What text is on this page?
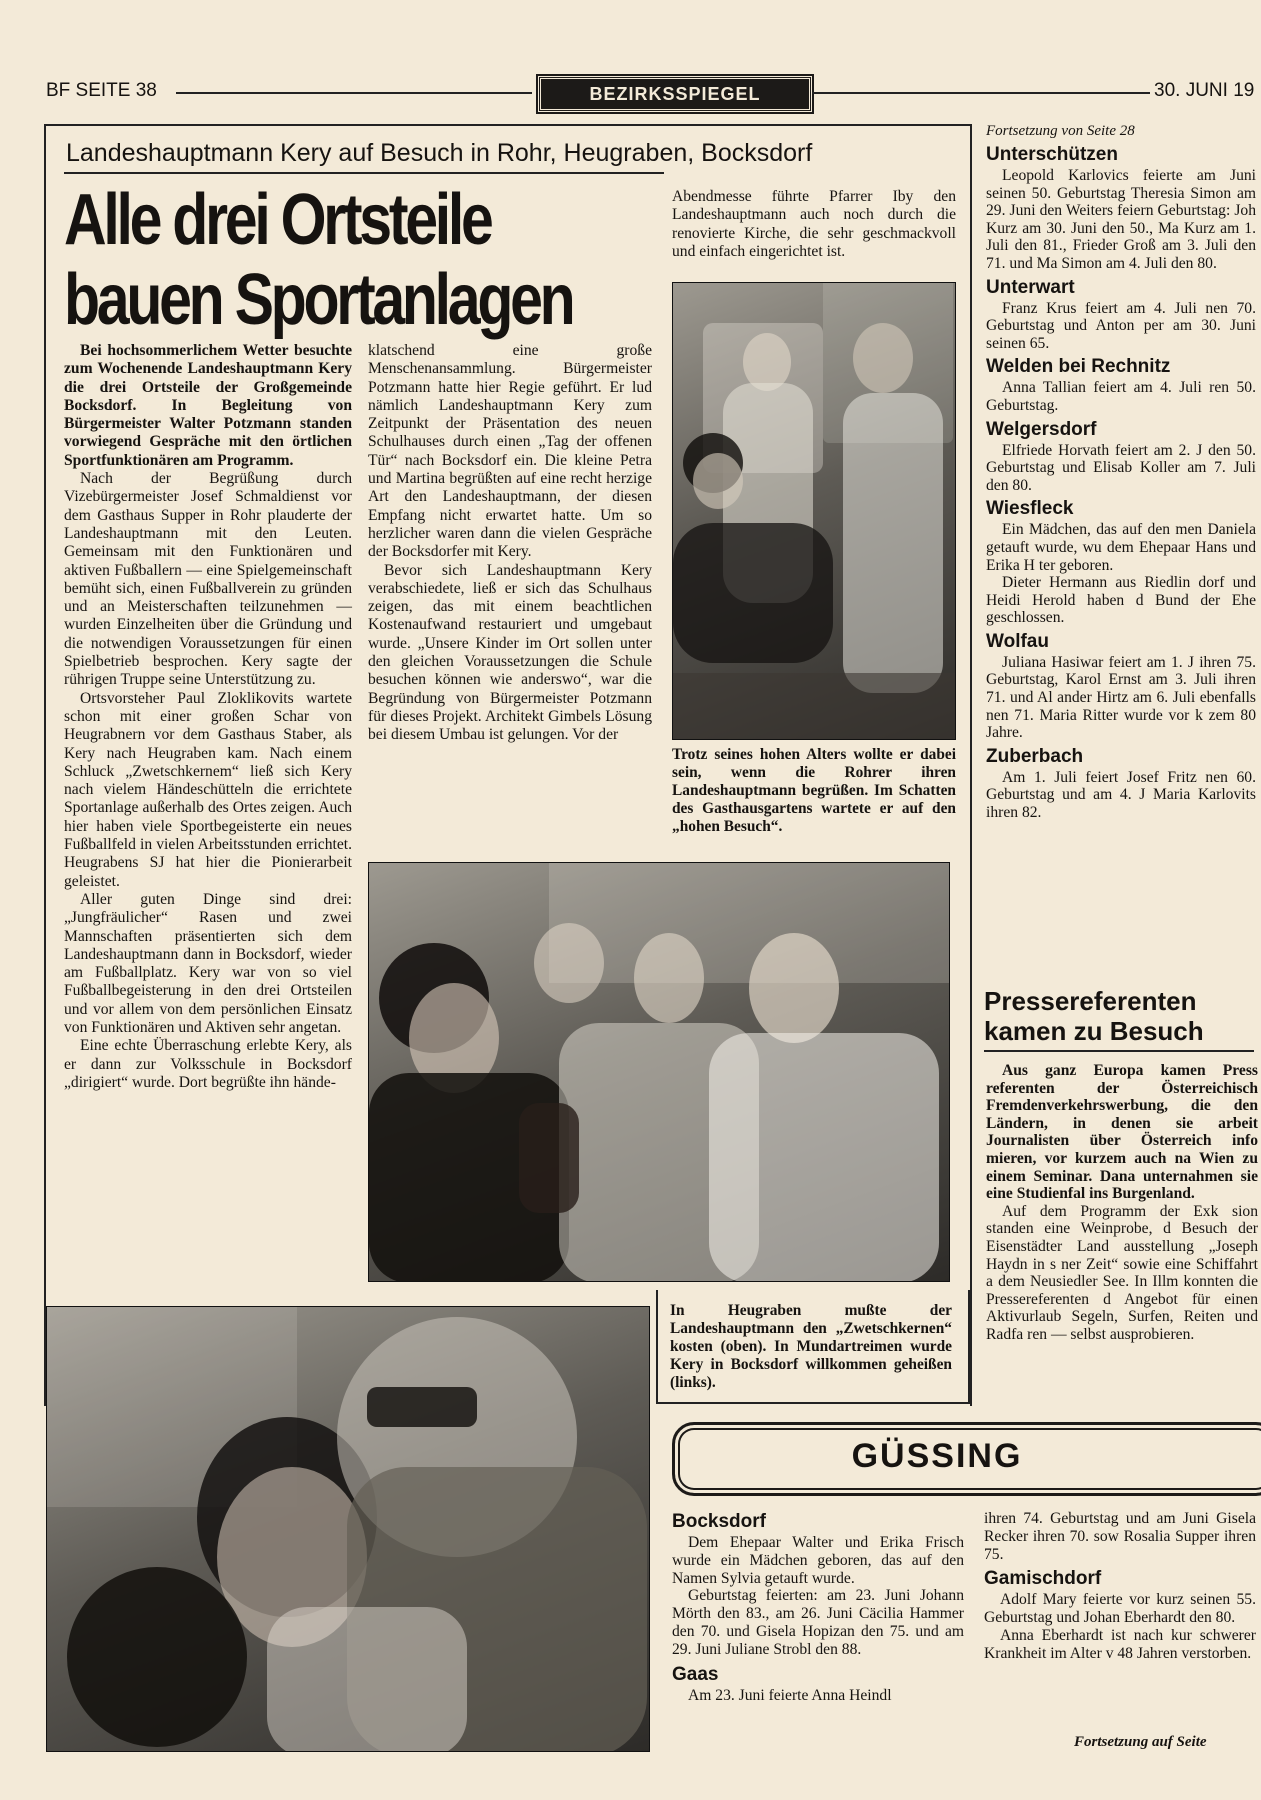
BF SEITE 38	BEZIRKSSPIEGEL	30. JUNI 19
Landeshauptmann Kery auf Besuch in Rohr, Heugraben, Bocksdorf
Alle drei Ortsteile
bauen Sportanlagen

Bei hochsommerlichem Wetter besuchte zum Wochenende Landeshauptmann Kery die drei Ortsteile der Großgemeinde Bocksdorf. In Begleitung von Bürgermeister Walter Potzmann standen vorwiegend Gespräche mit den örtlichen Sportfunktionären am Programm.

Nach der Begrüßung durch Vizebürgermeister Josef Schmaldienst vor dem Gasthaus Supper in Rohr plauderte der Landeshauptmann mit den Leuten. Gemeinsam mit den Funktionären und aktiven Fußballern — eine Spielgemeinschaft bemüht sich, einen Fußballverein zu gründen und an Meisterschaften teilzunehmen — wurden Einzelheiten über die Gründung und die notwendigen Voraussetzungen für einen Spielbetrieb besprochen. Kery sagte der rührigen Truppe seine Unterstützung zu.

Ortsvorsteher Paul Zloklikovits wartete schon mit einer großen Schar von Heugrabnern vor dem Gasthaus Staber, als Kery nach Heugraben kam. Nach einem Schluck „Zwetschkernem“ ließ sich Kery nach vielem Händeschütteln die errichtete Sportanlage außerhalb des Ortes zeigen. Auch hier haben viele Sportbegeisterte ein neues Fußballfeld in vielen Arbeitsstunden errichtet. Heugrabens SJ hat hier die Pionierarbeit geleistet.

Aller guten Dinge sind drei: „Jungfräulicher“ Rasen und zwei Mannschaften präsentierten sich dem Landeshauptmann dann in Bocksdorf, wieder am Fußballplatz. Kery war von so viel Fußballbegeisterung in den drei Ortsteilen und vor allem von dem persönlichen Einsatz von Funktionären und Aktiven sehr angetan.

Eine echte Überraschung erlebte Kery, als er dann zur Volksschule in Bocksdorf „dirigiert“ wurde. Dort begrüßte ihn hände-

klatschend eine große Menschenansammlung. Bürgermeister Potzmann hatte hier Regie geführt. Er lud nämlich Landeshauptmann Kery zum Zeitpunkt der Präsentation des neuen Schulhauses durch einen „Tag der offenen Tür“ nach Bocksdorf ein. Die kleine Petra und Martina begrüßten auf eine recht herzige Art den Landeshauptmann, der diesen Empfang nicht erwartet hatte. Um so herzlicher waren dann die vielen Gespräche der Bocksdorfer mit Kery.

Bevor sich Landeshauptmann Kery verabschiedete, ließ er sich das Schulhaus zeigen, das mit einem beachtlichen Kostenaufwand restauriert und umgebaut wurde. „Unsere Kinder im Ort sollen unter den gleichen Voraussetzungen die Schule besuchen können wie anderswo“, war die Begründung von Bürgermeister Potzmann für dieses Projekt. Architekt Gimbels Lösung bei diesem Umbau ist gelungen. Vor der

Abendmesse führte Pfarrer Iby den Landeshauptmann auch noch durch die renovierte Kirche, die sehr geschmackvoll und einfach eingerichtet ist.

Trotz seines hohen Alters wollte er dabei sein, wenn die Rohrer ihren Landeshauptmann begrüßen. Im Schatten des Gasthausgartens wartete er auf den „hohen Besuch“.
In Heugraben mußte der Landeshauptmann den „Zwetschkernen“ kosten (oben). In Mundartreimen wurde Kery in Bocksdorf willkommen geheißen (links).
Fortsetzung von Seite 28
Unterschützen

Leopold Karlovics feierte am Juni seinen 50. Geburtstag Theresia Simon am 29. Juni den Weiters feiern Geburtstag: Joh Kurz am 30. Juni den 50., Ma Kurz am 1. Juli den 81., Frieder Groß am 3. Juli den 71. und Ma Simon am 4. Juli den 80.

Unterwart

Franz Krus feiert am 4. Juli nen 70. Geburtstag und Anton per am 30. Juni seinen 65.

Welden bei Rechnitz

Anna Tallian feiert am 4. Juli ren 50. Geburtstag.

Welgersdorf

Elfriede Horvath feiert am 2. J den 50. Geburtstag und Elisab Koller am 7. Juli den 80.

Wiesfleck

Ein Mädchen, das auf den men Daniela getauft wurde, wu dem Ehepaar Hans und Erika H ter geboren.

Dieter Hermann aus Riedlin dorf und Heidi Herold haben d Bund der Ehe geschlossen.

Wolfau

Juliana Hasiwar feiert am 1. J ihren 75. Geburtstag, Karol Ernst am 3. Juli ihren 71. und Al ander Hirtz am 6. Juli ebenfalls nen 71. Maria Ritter wurde vor k zem 80 Jahre.

Zuberbach

Am 1. Juli feiert Josef Fritz nen 60. Geburtstag und am 4. J Maria Karlovits ihren 82.

Pressereferenten
kamen zu Besuch

Aus ganz Europa kamen Press referenten der Österreichisch Fremdenverkehrswerbung, die den Ländern, in denen sie arbeit Journalisten über Österreich info mieren, vor kurzem auch na Wien zu einem Seminar. Dana unternahmen sie eine Studienfal ins Burgenland.

Auf dem Programm der Exk sion standen eine Weinprobe, d Besuch der Eisenstädter Land ausstellung „Joseph Haydn in s ner Zeit“ sowie eine Schiffahrt a dem Neusiedler See. In Illm konnten die Pressereferenten d Angebot für einen Aktivurlaub Segeln, Surfen, Reiten und Radfa ren — selbst ausprobieren.

GÜSSING
Bocksdorf

Dem Ehepaar Walter und Erika Frisch wurde ein Mädchen geboren, das auf den Namen Sylvia getauft wurde.

Geburtstag feierten: am 23. Juni Johann Mörth den 83., am 26. Juni Cäcilia Hammer den 70. und Gisela Hopizan den 75. und am 29. Juni Juliane Strobl den 88.

Gaas

Am 23. Juni feierte Anna Heindl

ihren 74. Geburtstag und am Juni Gisela Recker ihren 70. sow Rosalia Supper ihren 75.

Gamischdorf

Adolf Mary feierte vor kurz seinen 55. Geburtstag und Johan Eberhardt den 80.

Anna Eberhardt ist nach kur schwerer Krankheit im Alter v 48 Jahren verstorben.

Fortsetzung auf Seite
